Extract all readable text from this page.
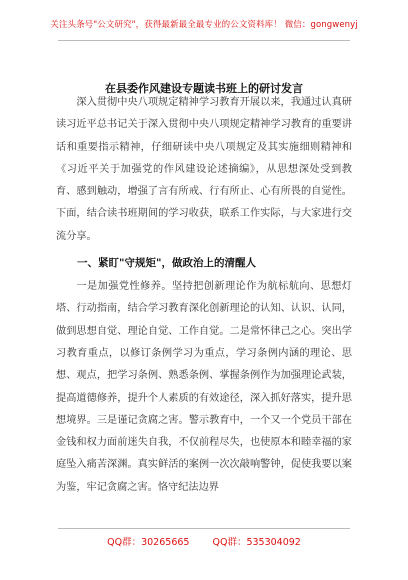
关注头条号"公文研究"，获得最新最全最专业的公文资料库！ 微信：gongwenyj
在县委作风建设专题读书班上的研讨发言

深入贯彻中央八项规定精神学习教育开展以来，我通过认真研读习近平总书记关于深入贯彻中央八项规定精神学习教育的重要讲话和重要指示精神，仔细研读中央八项规定及其实施细则精神和《习近平关于加强党的作风建设论述摘编》，从思想深处受到教育、感到触动，增强了言有所戒、行有所止、心有所畏的自觉性。下面，结合读书班期间的学习收获，联系工作实际，与大家进行交流分享。

一、紧盯"守规矩"，做政治上的清醒人

一是加强党性修养。坚持把创新理论作为航标航向、思想灯塔、行动指南，结合学习教育深化创新理论的认知、认识、认同，做到思想自觉、理论自觉、工作自觉。二是常怀律己之心。突出学习教育重点，以修订条例学习为重点，学习条例内涵的理论、思想、观点，把学习条例、熟悉条例、掌握条例作为加强理论武装，提高道德修养，提升个人素质的有效途径，深入抓好落实，提升思想境界。三是谨记贪腐之害。警示教育中，一个又一个党员干部在金钱和权力面前迷失自我，不仅前程尽失，也使原本和睦幸福的家庭坠入痛苦深渊。真实鲜活的案例一次次敲响警钟，促使我要以案为鉴，牢记贪腐之害。恪守纪法边界

QQ群：30265665 QQ群：535304092
